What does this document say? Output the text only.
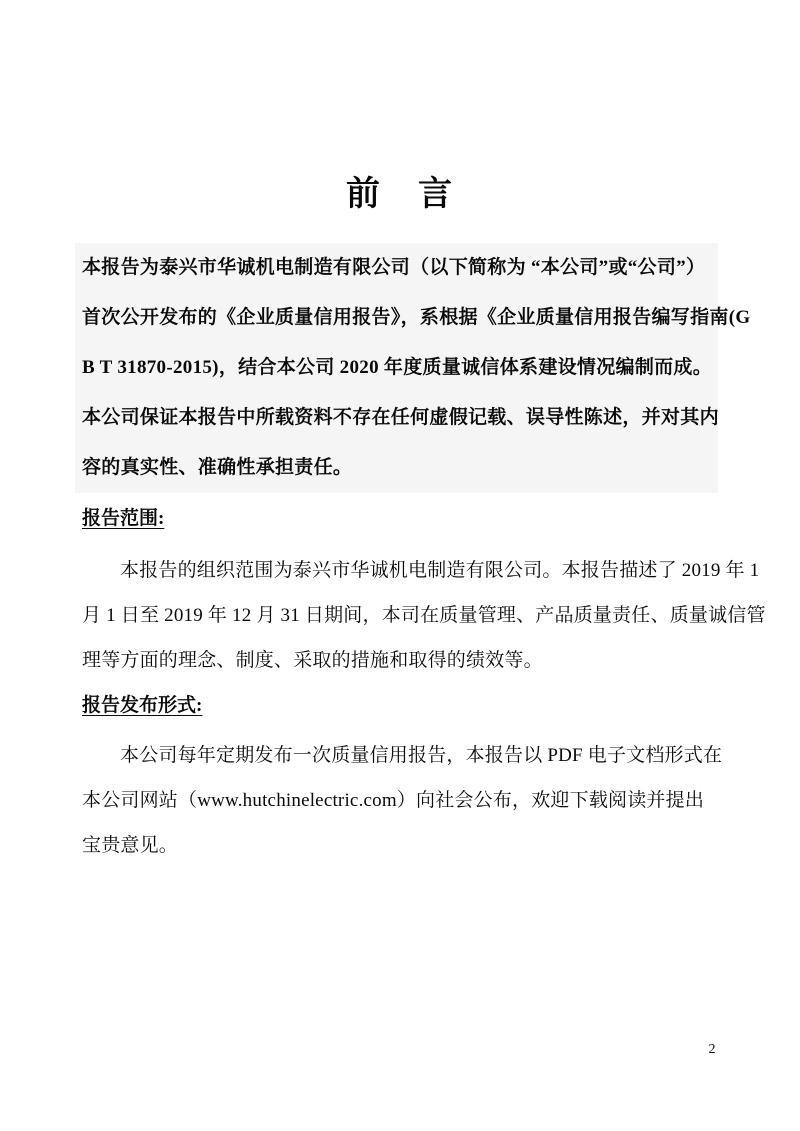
前　言
本报告为泰兴市华诚机电制造有限公司（以下简称为 “本公司”或“公司”）
首次公开发布的《企业质量信用报告》，系根据《企业质量信用报告编写指南(G
B T 31870-2015)，结合本公司 2020 年度质量诚信体系建设情况编制而成。
本公司保证本报告中所载资料不存在任何虚假记载、误导性陈述，并对其内
容的真实性、准确性承担责任。
报告范围:
本报告的组织范围为泰兴市华诚机电制造有限公司。本报告描述了 2019 年 1
月 1 日至 2019 年 12 月 31 日期间，本司在质量管理、产品质量责任、质量诚信管
理等方面的理念、制度、采取的措施和取得的绩效等。
报告发布形式:
本公司每年定期发布一次质量信用报告，本报告以 PDF 电子文档形式在
本公司网站（www.hutchinelectric.com）向社会公布，欢迎下载阅读并提出
宝贵意见。
2
